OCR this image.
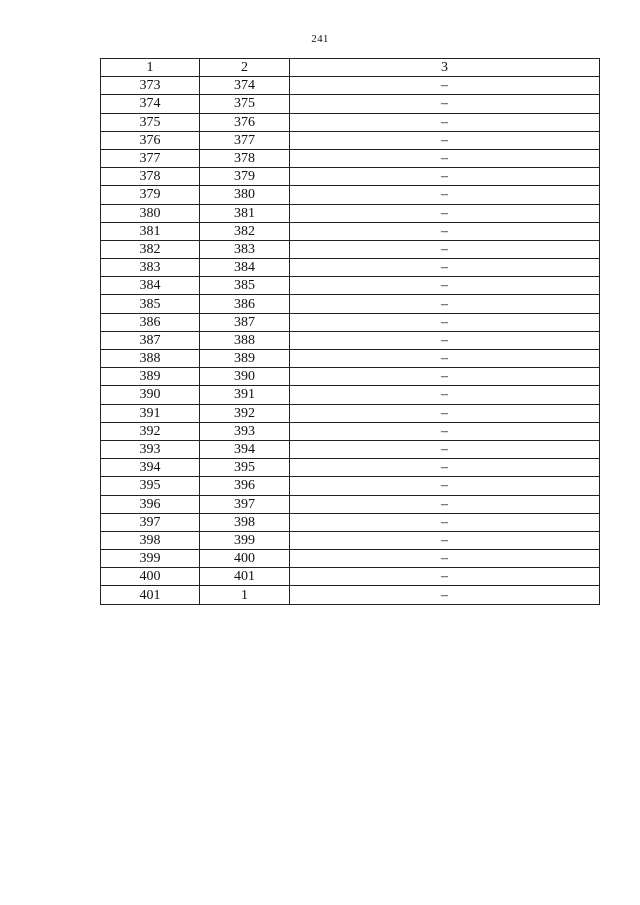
241
1	2	3
373	374	–
374	375	–
375	376	–
376	377	–
377	378	–
378	379	–
379	380	–
380	381	–
381	382	–
382	383	–
383	384	–
384	385	–
385	386	–
386	387	–
387	388	–
388	389	–
389	390	–
390	391	–
391	392	–
392	393	–
393	394	–
394	395	–
395	396	–
396	397	–
397	398	–
398	399	–
399	400	–
400	401	–
401	1	–
